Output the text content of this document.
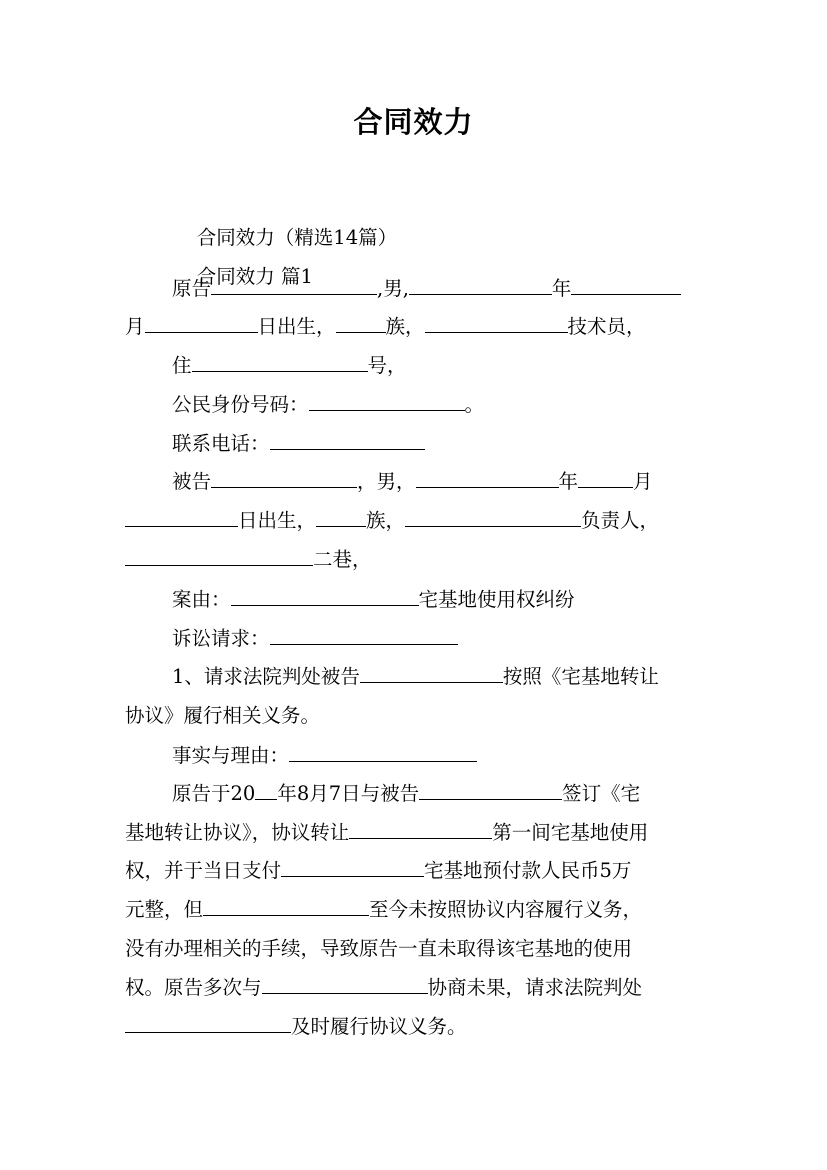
合同效力

合同效力（精选14篇）

合同效力 篇1

原告	,男,	年
月	日出生，	族，	技术员，
住	号，
公民身份号码：	。
联系电话：
被告	，男，	年	月
日出生，	族，	负责人，
二巷，
案由：	宅基地使用权纠纷
诉讼请求：
1、请求法院判处被告	按照《宅基地转让
协议》履行相关义务。
事实与理由：
原告于20 年8月7日与被告	签订《宅
基地转让协议》，协议转让	第一间宅基地使用
权，并于当日支付	宅基地预付款人民币5万
元整，但	至今未按照协议内容履行义务，
没有办理相关的手续，导致原告一直未取得该宅基地的使用
权。原告多次与	协商未果，请求法院判处
及时履行协议义务。
